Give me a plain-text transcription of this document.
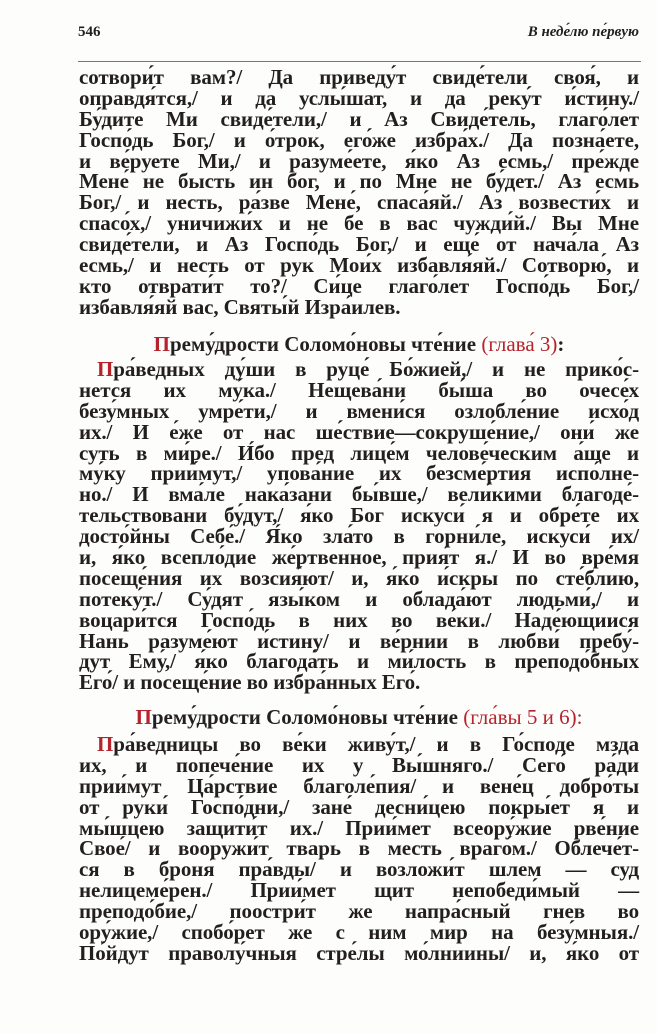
546	В неде́лю пе́рвую
сотвори́т вам?/ Да приведу́т свиде́тели своя́, и
оправдя́тся,/ и да услы́шат, и да реку́т и́стину./
Бу́дите Ми свиде́тели,/ и Аз Свиде́тель, глаго́лет
Госпо́дь Бог,/ и о́трок, его́же избра́х./ Да позна́ете,
и ве́руете Ми,/ и разуме́ете, я́ко Аз есмь,/ пре́жде
Мене́ не бысть ин бог, и по Мне не бу́дет./ Аз есмь
Бог,/ и несть, ра́зве Мене́, спаса́яй./ Аз возвести́х и
спасо́х,/ уничижи́х и не бе в вас чужди́й./ Вы Мне
свиде́тели, и Аз Госпо́дь Бог,/ и еще́ от нача́ла Аз
есмь,/ и несть от рук Мои́х избавля́яй./ Сотворю́, и
кто отврати́т то?/ Си́це глаго́лет Госпо́дь Бог,/
избавля́яй вас, Святы́й Изра́илев.
Прему́дрости Соломо́новы чте́ние (глава́ 3):
Пра́ведных ду́ши в руце́ Бо́жией,/ и не прико́с-
нется их му́ка./ Нещева́ни бы́ша во очесе́х
безу́мных умре́ти,/ и вмени́ся озлобле́ние исхо́д
их./ И е́же от нас ше́ствие—сокруше́ние,/ они́ же
суть в ми́ре./ И́бо пред лице́м челове́ческим а́ще и
му́ку прии́мут,/ упова́ние их безсме́ртия испо́лне-
но./ И вма́ле нака́зани бы́вше,/ вели́кими благоде́-
тельствовани бу́дут,/ я́ко Бог искуси́ я и обре́те их
досто́йны Себе́./ Я́ко зла́то в горни́ле, искуси́ их/
и, я́ко всепло́дие же́ртвенное, прия́т я./ И во вре́мя
посеще́ния их возсия́ют/ и, я́ко и́скры по сте́блию,
потеку́т./ Су́дят язы́ком и облада́ют людьми́,/ и
воцари́тся Госпо́дь в них во ве́ки./ Наде́ющиися
Нань разуме́ют и́стину/ и ве́рнии в любви́ пребу́-
дут Ему́,/ я́ко благода́ть и ми́лость в преподо́бных
Его́/ и посеще́ние во избра́нных Его́.
Прему́дрости Соломо́новы чте́ние (гла́вы 5 и 6):
Пра́ведницы во ве́ки живу́т,/ и в Го́споде мзда
их, и попече́ние их у Вы́шняго./ Сего́ ра́ди
прии́мут Ца́рствие благоле́пия/ и вене́ц добро́ты
от руки́ Госпо́дни,/ зане́ десни́цею покры́ет я и
мы́шцею защити́т их./ Прии́мет всеору́жие рве́ние
Свое́/ и вооружи́т тварь в месть враго́м./ Облече́т-
ся в броня́ пра́вды/ и возложи́т шлем — суд
нелицеме́рен./ Прии́мет щит непобеди́мый —
преподо́бие,/ поостри́т же напра́сный гнев во
ору́жие,/ спобо́рет же с ним мир на безу́мныя./
По́йдут праволу́чныя стре́лы мо́лниины/ и, я́ко от
